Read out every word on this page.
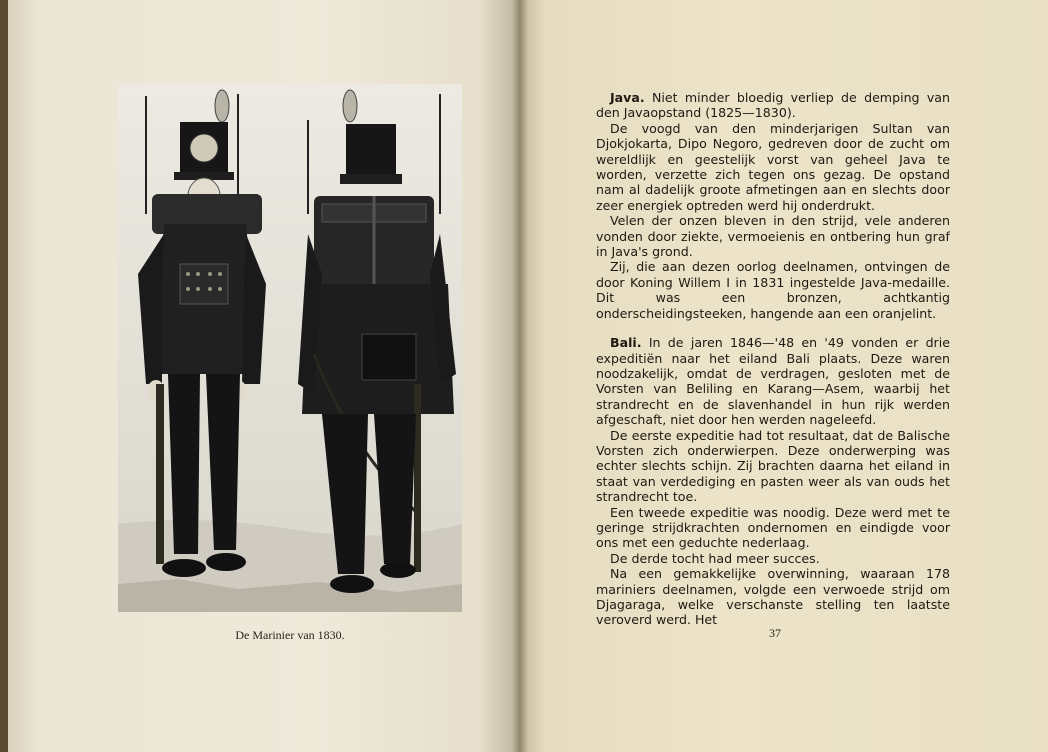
De Marinier van 1830.

Java. Niet minder bloedig verliep de demping van den Javaopstand (1825—1830).

De voogd van den minderjarigen Sultan van Djokjokarta, Dipo Negoro, gedreven door de zucht om wereldlijk en geestelijk vorst van geheel Java te worden, verzette zich tegen ons gezag. De opstand nam al dadelijk groote afmetingen aan en slechts door zeer energiek optreden werd hij onderdrukt.

Velen der onzen bleven in den strijd, vele anderen vonden door ziekte, vermoeienis en ontbering hun graf in Java's grond.

Zij, die aan dezen oorlog deelnamen, ontvingen de door Koning Willem I in 1831 ingestelde Java-medaille. Dit was een bronzen, achtkantig onderscheidingsteeken, hangende aan een oranjelint.

Bali. In de jaren 1846—'48 en '49 vonden er drie expeditiën naar het eiland Bali plaats. Deze waren noodzakelijk, omdat de verdragen, gesloten met de Vorsten van Beliling en Karang—Asem, waarbij het strandrecht en de slavenhandel in hun rijk werden afgeschaft, niet door hen werden nageleefd.

De eerste expeditie had tot resultaat, dat de Balische Vorsten zich onderwierpen. Deze onderwerping was echter slechts schijn. Zij brachten daarna het eiland in staat van verdediging en pasten weer als van ouds het strandrecht toe.

Een tweede expeditie was noodig. Deze werd met te geringe strijdkrachten ondernomen en eindigde voor ons met een geduchte nederlaag.

De derde tocht had meer succes.

Na een gemakkelijke overwinning, waaraan 178 mariniers deelnamen, volgde een verwoede strijd om Djagaraga, welke verschanste stelling ten laatste veroverd werd. Het

37
